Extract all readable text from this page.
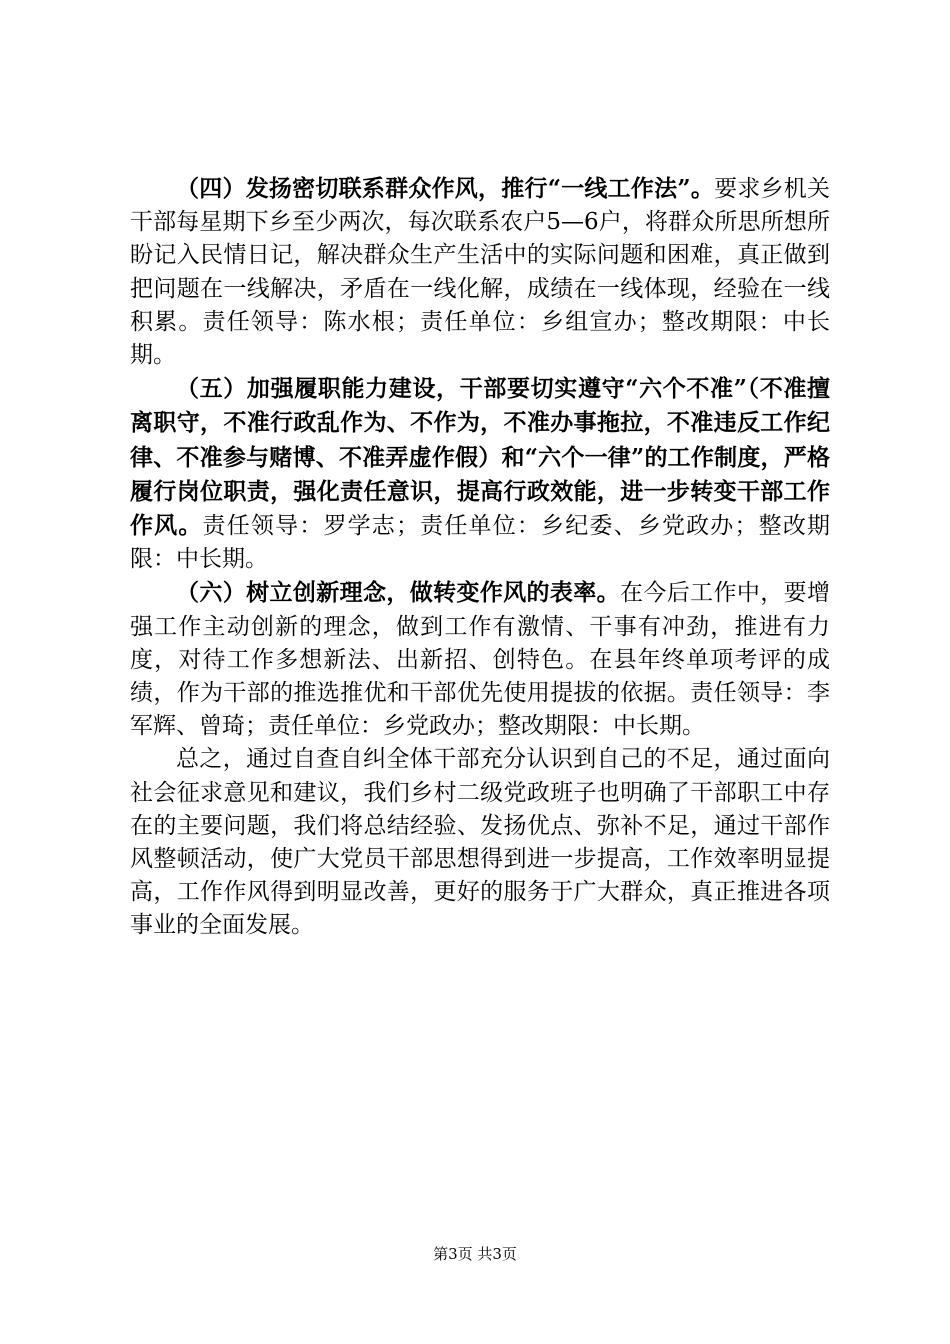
（四）发扬密切联系群众作风，推行“一线工作法”。要求乡机关干部每星期下乡至少两次，每次联系农户5—6户，将群众所思所想所盼记入民情日记，解决群众生产生活中的实际问题和困难，真正做到把问题在一线解决，矛盾在一线化解，成绩在一线体现，经验在一线积累。责任领导：陈水根；责任单位：乡组宣办；整改期限：中长期。

（五）加强履职能力建设，干部要切实遵守“六个不准”（不准擅离职守，不准行政乱作为、不作为，不准办事拖拉，不准违反工作纪律、不准参与赌博、不准弄虚作假）和“六个一律”的工作制度，严格履行岗位职责，强化责任意识，提高行政效能，进一步转变干部工作作风。责任领导：罗学志；责任单位：乡纪委、乡党政办；整改期限：中长期。

（六）树立创新理念，做转变作风的表率。在今后工作中，要增强工作主动创新的理念，做到工作有激情、干事有冲劲，推进有力度，对待工作多想新法、出新招、创特色。在县年终单项考评的成绩，作为干部的推选推优和干部优先使用提拔的依据。责任领导：李军辉、曾琦；责任单位：乡党政办；整改期限：中长期。

总之，通过自查自纠全体干部充分认识到自己的不足，通过面向社会征求意见和建议，我们乡村二级党政班子也明确了干部职工中存在的主要问题，我们将总结经验、发扬优点、弥补不足，通过干部作风整顿活动，使广大党员干部思想得到进一步提高，工作效率明显提高，工作作风得到明显改善，更好的服务于广大群众，真正推进各项事业的全面发展。

第3页 共3页
